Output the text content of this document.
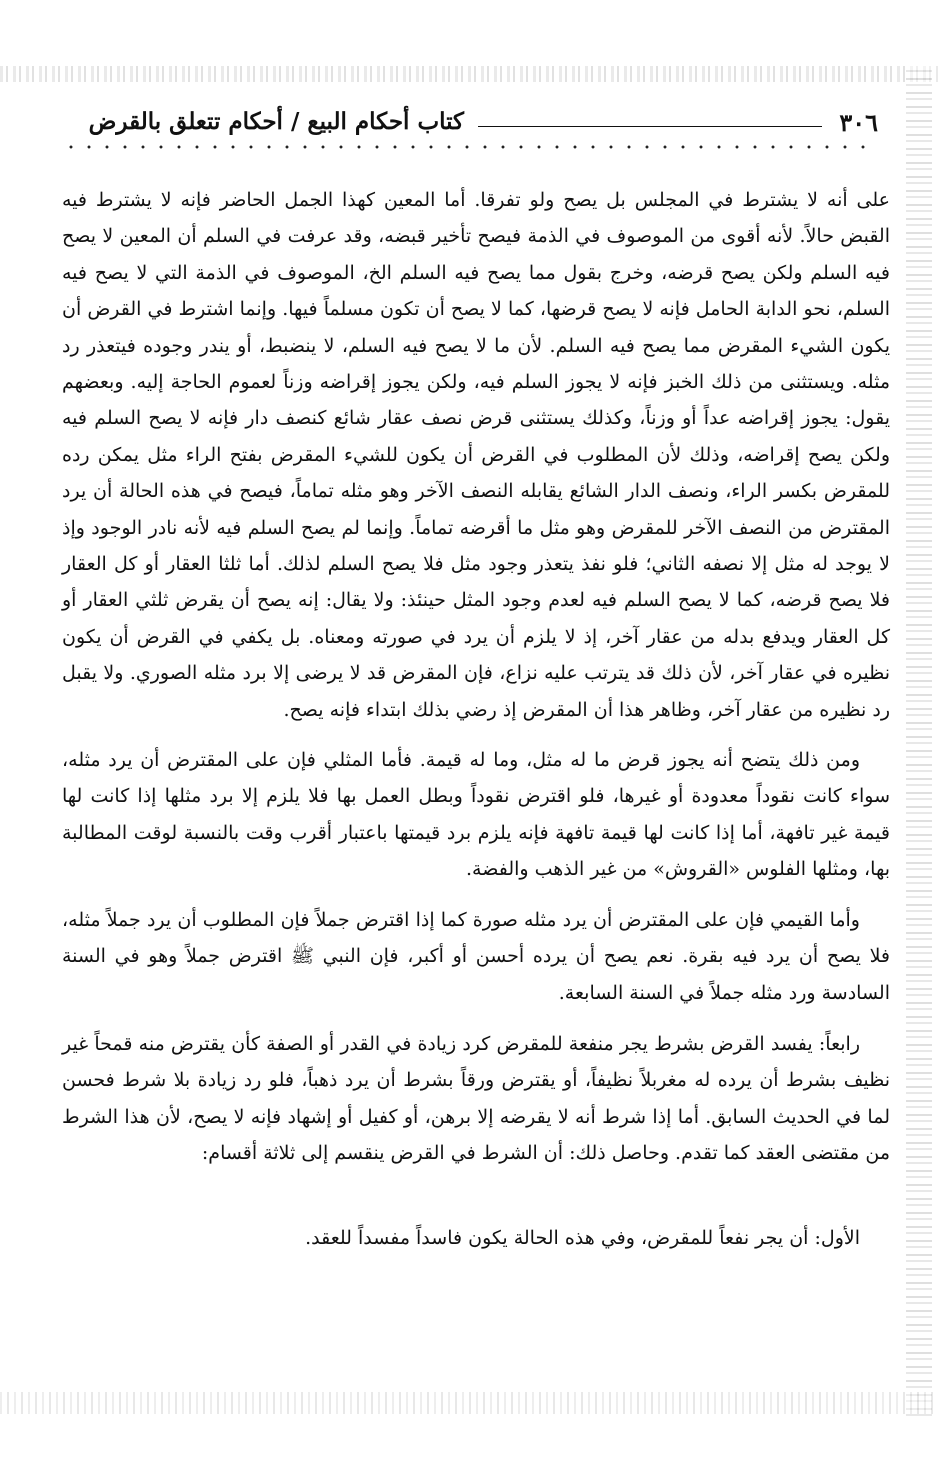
٣٠٦
كتاب أحكام البيع / أحكام تتعلق بالقرض

على أنه لا يشترط في المجلس بل يصح ولو تفرقا. أما المعين كهذا الجمل الحاضر فإنه لا يشترط فيه القبض حالاً. لأنه أقوى من الموصوف في الذمة فيصح تأخير قبضه، وقد عرفت في السلم أن المعين لا يصح فيه السلم ولكن يصح قرضه، وخرج بقول مما يصح فيه السلم الخ، الموصوف في الذمة التي لا يصح فيه السلم، نحو الدابة الحامل فإنه لا يصح قرضها، كما لا يصح أن تكون مسلماً فيها. وإنما اشترط في القرض أن يكون الشيء المقرض مما يصح فيه السلم. لأن ما لا يصح فيه السلم، لا ينضبط، أو يندر وجوده فيتعذر رد مثله. ويستثنى من ذلك الخبز فإنه لا يجوز السلم فيه، ولكن يجوز إقراضه وزناً لعموم الحاجة إليه. وبعضهم يقول: يجوز إقراضه عداً أو وزناً، وكذلك يستثنى قرض نصف عقار شائع كنصف دار فإنه لا يصح السلم فيه ولكن يصح إقراضه، وذلك لأن المطلوب في القرض أن يكون للشيء المقرض بفتح الراء مثل يمكن رده للمقرض بكسر الراء، ونصف الدار الشائع يقابله النصف الآخر وهو مثله تماماً، فيصح في هذه الحالة أن يرد المقترض من النصف الآخر للمقرض وهو مثل ما أقرضه تماماً. وإنما لم يصح السلم فيه لأنه نادر الوجود وإذ لا يوجد له مثل إلا نصفه الثاني؛ فلو نفذ يتعذر وجود مثل فلا يصح السلم لذلك. أما ثلثا العقار أو كل العقار فلا يصح قرضه، كما لا يصح السلم فيه لعدم وجود المثل حينئذ: ولا يقال: إنه يصح أن يقرض ثلثي العقار أو كل العقار ويدفع بدله من عقار آخر، إذ لا يلزم أن يرد في صورته ومعناه. بل يكفي في القرض أن يكون نظيره في عقار آخر، لأن ذلك قد يترتب عليه نزاع، فإن المقرض قد لا يرضى إلا برد مثله الصوري. ولا يقبل رد نظيره من عقار آخر، وظاهر هذا أن المقرض إذ رضي بذلك ابتداء فإنه يصح.

ومن ذلك يتضح أنه يجوز قرض ما له مثل، وما له قيمة. فأما المثلي فإن على المقترض أن يرد مثله، سواء كانت نقوداً معدودة أو غيرها، فلو اقترض نقوداً وبطل العمل بها فلا يلزم إلا برد مثلها إذا كانت لها قيمة غير تافهة، أما إذا كانت لها قيمة تافهة فإنه يلزم برد قيمتها باعتبار أقرب وقت بالنسبة لوقت المطالبة بها، ومثلها الفلوس «القروش» من غير الذهب والفضة.

وأما القيمي فإن على المقترض أن يرد مثله صورة كما إذا اقترض جملاً فإن المطلوب أن يرد جملاً مثله، فلا يصح أن يرد فيه بقرة. نعم يصح أن يرده أحسن أو أكبر، فإن النبي ﷺ اقترض جملاً وهو في السنة السادسة ورد مثله جملاً في السنة السابعة.

رابعاً: يفسد القرض بشرط يجر منفعة للمقرض كرد زيادة في القدر أو الصفة كأن يقترض منه قمحاً غير نظيف بشرط أن يرده له مغربلاً نظيفاً، أو يقترض ورقاً بشرط أن يرد ذهباً، فلو رد زيادة بلا شرط فحسن لما في الحديث السابق. أما إذا شرط أنه لا يقرضه إلا برهن، أو كفيل أو إشهاد فإنه لا يصح، لأن هذا الشرط من مقتضى العقد كما تقدم. وحاصل ذلك: أن الشرط في القرض ينقسم إلى ثلاثة أقسام:

الأول: أن يجر نفعاً للمقرض، وفي هذه الحالة يكون فاسداً مفسداً للعقد.
